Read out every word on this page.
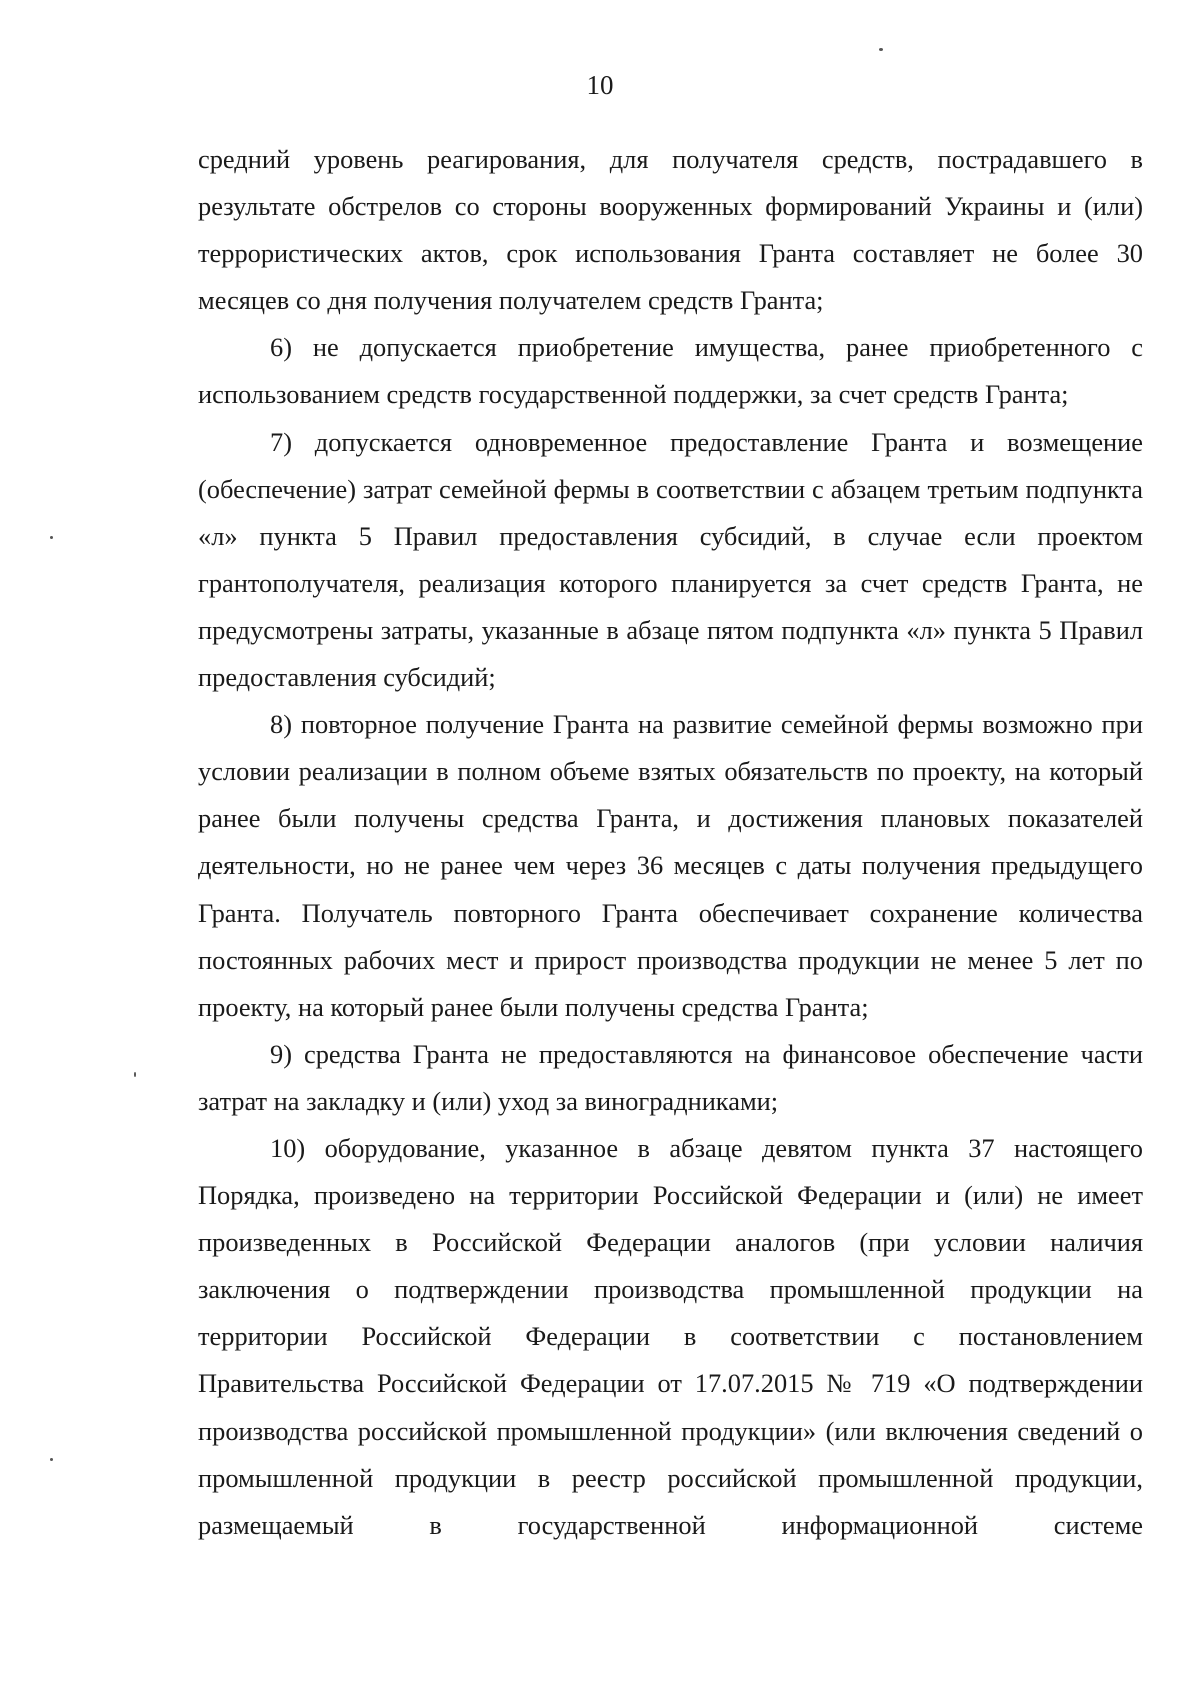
10

средний уровень реагирования, для получателя средств, пострадавшего в результате обстрелов со стороны вооруженных формирований Украины и (или) террористических актов, срок использования Гранта составляет не более 30 месяцев со дня получения получателем средств Гранта;

6) не допускается приобретение имущества, ранее приобретенного с использованием средств государственной поддержки, за счет средств Гранта;

7) допускается одновременное предоставление Гранта и возмещение (обеспечение) затрат семейной фермы в соответствии с абзацем третьим подпункта «л» пункта 5 Правил предоставления субсидий, в случае если проектом грантополучателя, реализация которого планируется за счет средств Гранта, не предусмотрены затраты, указанные в абзаце пятом подпункта «л» пункта 5 Правил предоставления субсидий;

8) повторное получение Гранта на развитие семейной фермы возможно при условии реализации в полном объеме взятых обязательств по проекту, на который ранее были получены средства Гранта, и достижения плановых показателей деятельности, но не ранее чем через 36 месяцев с даты получения предыдущего Гранта. Получатель повторного Гранта обеспечивает сохранение количества постоянных рабочих мест и прирост производства продукции не менее 5 лет по проекту, на который ранее были получены средства Гранта;

9) средства Гранта не предоставляются на финансовое обеспечение части затрат на закладку и (или) уход за виноградниками;

10) оборудование, указанное в абзаце девятом пункта 37 настоящего Порядка, произведено на территории Российской Федерации и (или) не имеет произведенных в Российской Федерации аналогов (при условии наличия заключения о подтверждении производства промышленной продукции на территории Российской Федерации в соответствии с постановлением Правительства Российской Федерации от 17.07.2015 № 719 «О подтверждении производства российской промышленной продукции» (или включения сведений о промышленной продукции в реестр российской промышленной продукции, размещаемый в государственной информационной системе
